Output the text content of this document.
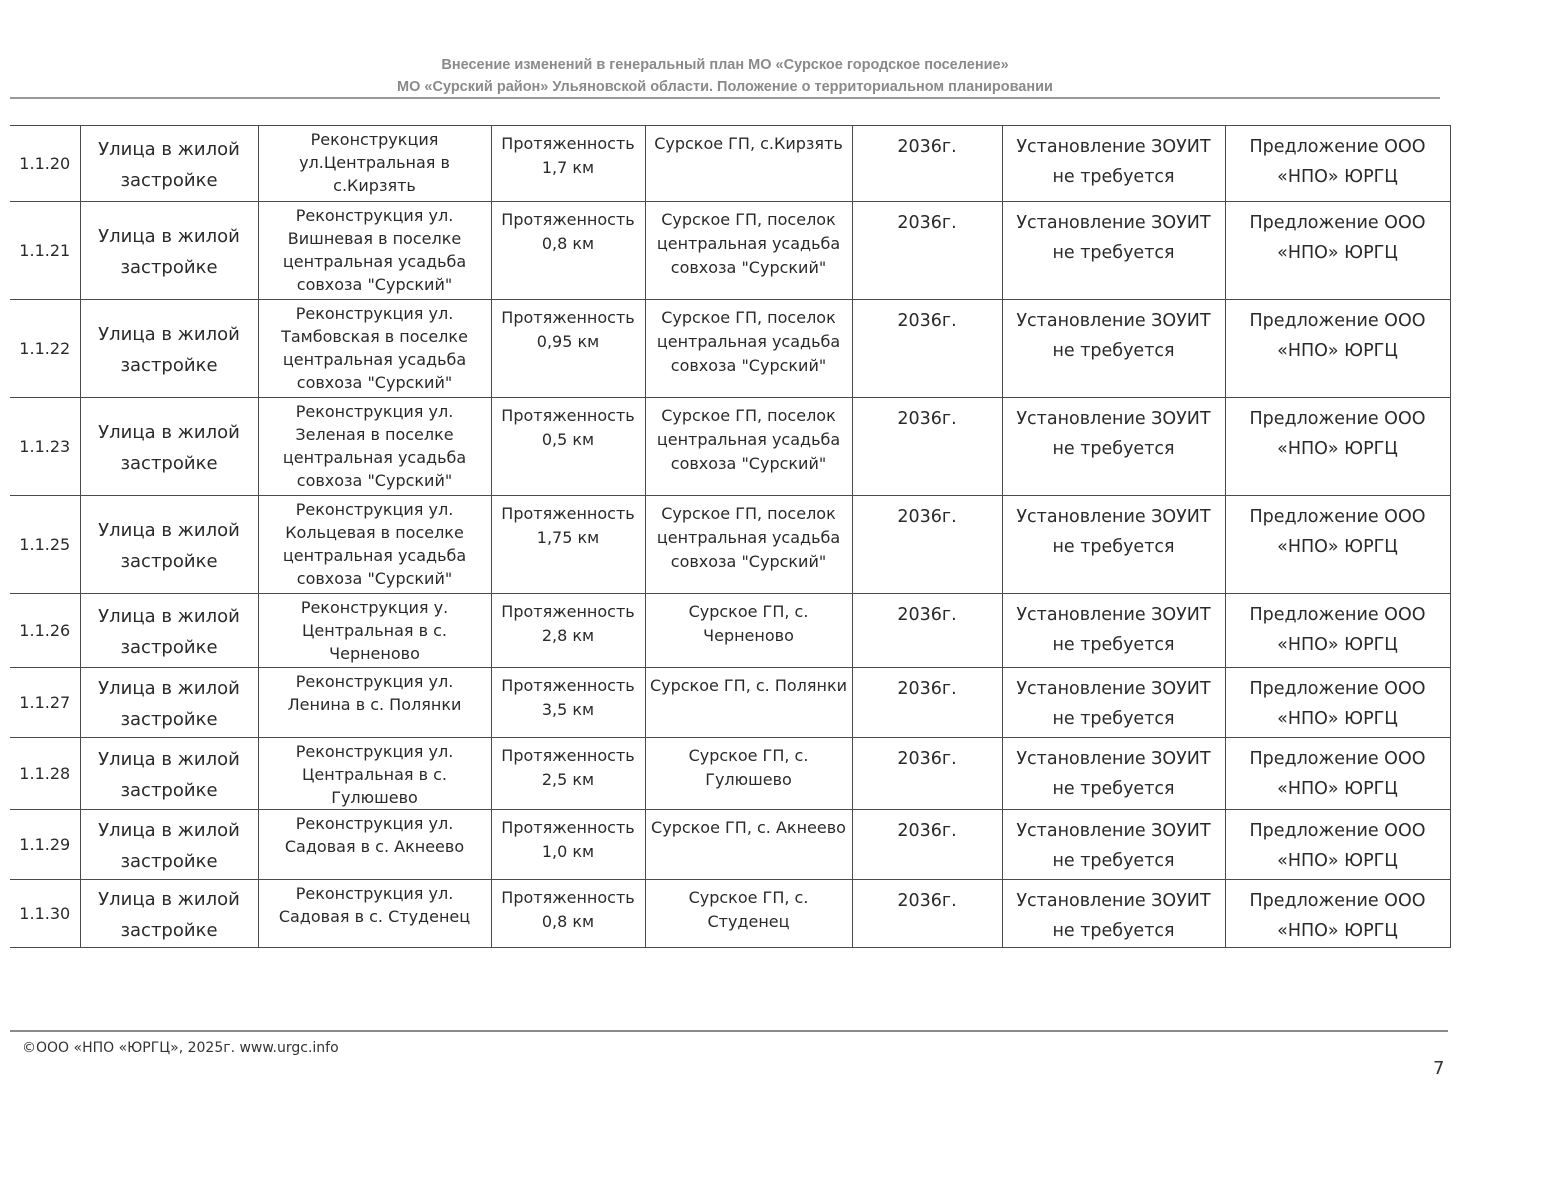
Внесение изменений в генеральный план МО «Сурское городское поселение»
МО «Сурский район» Ульяновской области. Положение о территориальном планировании
1.1.20	Улица в жилой застройке	Реконструкция ул.Центральная в с.Кирзять	Протяженность 1,7 км	Сурское ГП, с.Кирзять	2036г.	Установление ЗОУИТ не требуется	Предложение ООО «НПО» ЮРГЦ
1.1.21	Улица в жилой застройке	Реконструкция ул. Вишневая в поселке центральная усадьба совхоза "Сурский"	Протяженность 0,8 км	Сурское ГП, поселок центральная усадьба совхоза "Сурский"	2036г.	Установление ЗОУИТ не требуется	Предложение ООО «НПО» ЮРГЦ
1.1.22	Улица в жилой застройке	Реконструкция ул. Тамбовская в поселке центральная усадьба совхоза "Сурский"	Протяженность 0,95 км	Сурское ГП, поселок центральная усадьба совхоза "Сурский"	2036г.	Установление ЗОУИТ не требуется	Предложение ООО «НПО» ЮРГЦ
1.1.23	Улица в жилой застройке	Реконструкция ул. Зеленая в поселке центральная усадьба совхоза "Сурский"	Протяженность 0,5 км	Сурское ГП, поселок центральная усадьба совхоза "Сурский"	2036г.	Установление ЗОУИТ не требуется	Предложение ООО «НПО» ЮРГЦ
1.1.25	Улица в жилой застройке	Реконструкция ул. Кольцевая в поселке центральная усадьба совхоза "Сурский"	Протяженность 1,75 км	Сурское ГП, поселок центральная усадьба совхоза "Сурский"	2036г.	Установление ЗОУИТ не требуется	Предложение ООО «НПО» ЮРГЦ
1.1.26	Улица в жилой застройке	Реконструкция у. Центральная в с. Черненово	Протяженность 2,8 км	Сурское ГП, с. Черненово	2036г.	Установление ЗОУИТ не требуется	Предложение ООО «НПО» ЮРГЦ
1.1.27	Улица в жилой застройке	Реконструкция ул. Ленина в с. Полянки	Протяженность 3,5 км	Сурское ГП, с. Полянки	2036г.	Установление ЗОУИТ не требуется	Предложение ООО «НПО» ЮРГЦ
1.1.28	Улица в жилой застройке	Реконструкция ул. Центральная в с. Гулюшево	Протяженность 2,5 км	Сурское ГП, с. Гулюшево	2036г.	Установление ЗОУИТ не требуется	Предложение ООО «НПО» ЮРГЦ
1.1.29	Улица в жилой застройке	Реконструкция ул. Садовая в с. Акнеево	Протяженность 1,0 км	Сурское ГП, с. Акнеево	2036г.	Установление ЗОУИТ не требуется	Предложение ООО «НПО» ЮРГЦ
1.1.30	Улица в жилой застройке	Реконструкция ул. Садовая в с. Студенец	Протяженность 0,8 км	Сурское ГП, с. Студенец	2036г.	Установление ЗОУИТ не требуется	Предложение ООО «НПО» ЮРГЦ
©ООО «НПО «ЮРГЦ», 2025г. www.urgc.info
7
